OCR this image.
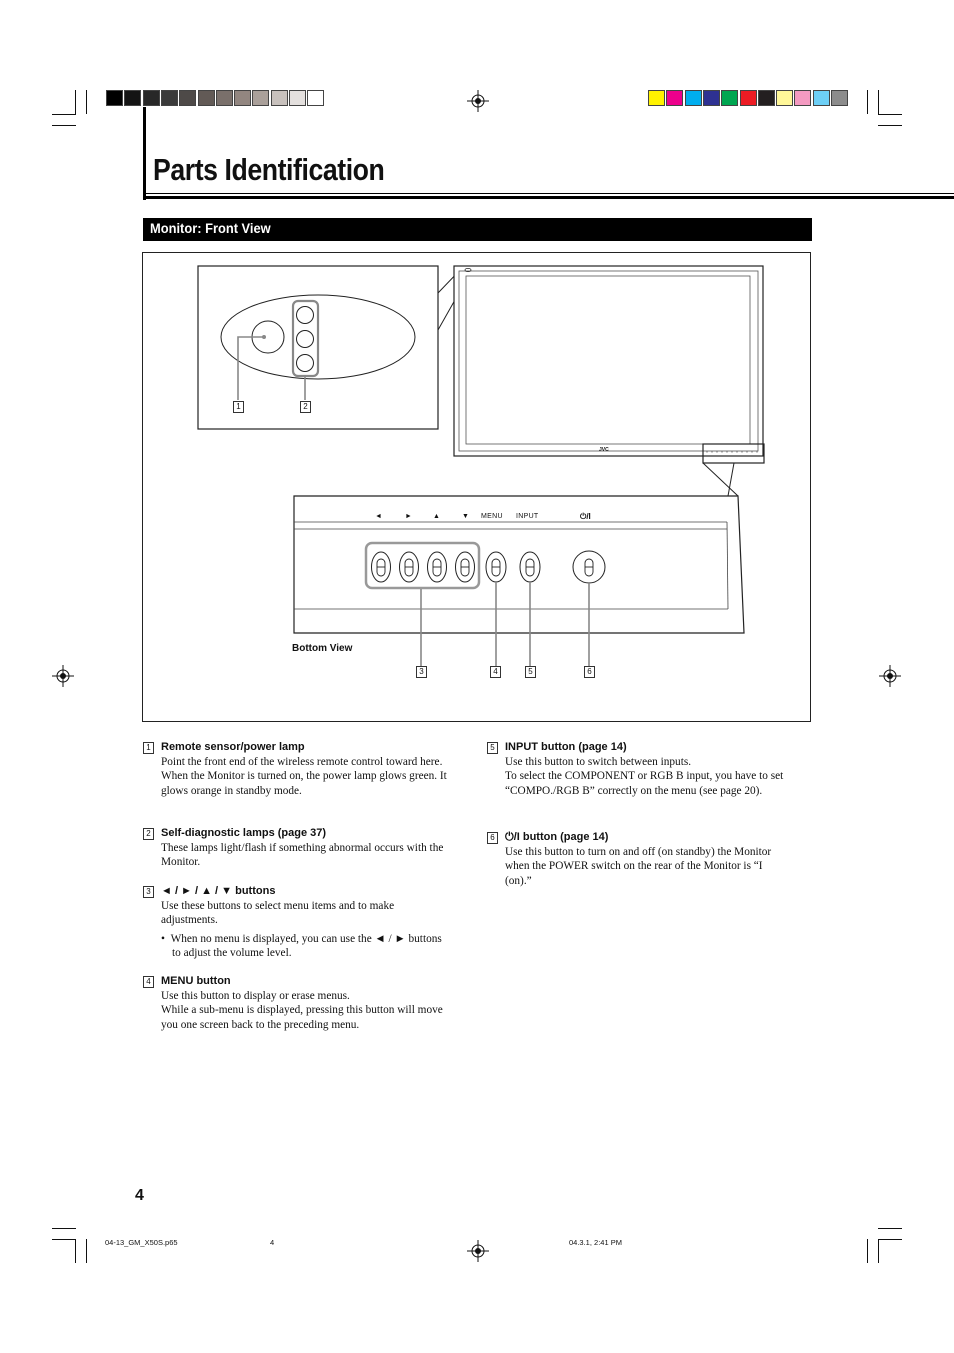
Parts Identification
Monitor: Front View
JVC
◄	►	▲	▼ MENU INPUT	⏻/I
Bottom View
1	2
3	4	5	6
1 Remote sensor/power lamp
Point the front end of the wireless remote control toward here.
When the Monitor is turned on, the power lamp glows green. It glows orange in standby mode.
2 Self-diagnostic lamps (page 37)
These lamps light/flash if something abnormal occurs with the Monitor.
3 ◄ / ► / ▲ / ▼ buttons
Use these buttons to select menu items and to make adjustments.
•  When no menu is displayed, you can use the ◄ / ► buttons to adjust the volume level.
4 MENU button
Use this button to display or erase menus.
While a sub-menu is displayed, pressing this button will move you one screen back to the preceding menu.
5 INPUT button (page 14)
Use this button to switch between inputs.
To select the COMPONENT or RGB B input, you have to set “COMPO./RGB B” correctly on the menu (see page 20).
6 ⏻/I button (page 14)
Use this button to turn on and off (on standby) the Monitor when the POWER switch on the rear of the Monitor is “I (on).”
4
04-13_GM_X50S.p65	4	04.3.1, 2:41 PM
